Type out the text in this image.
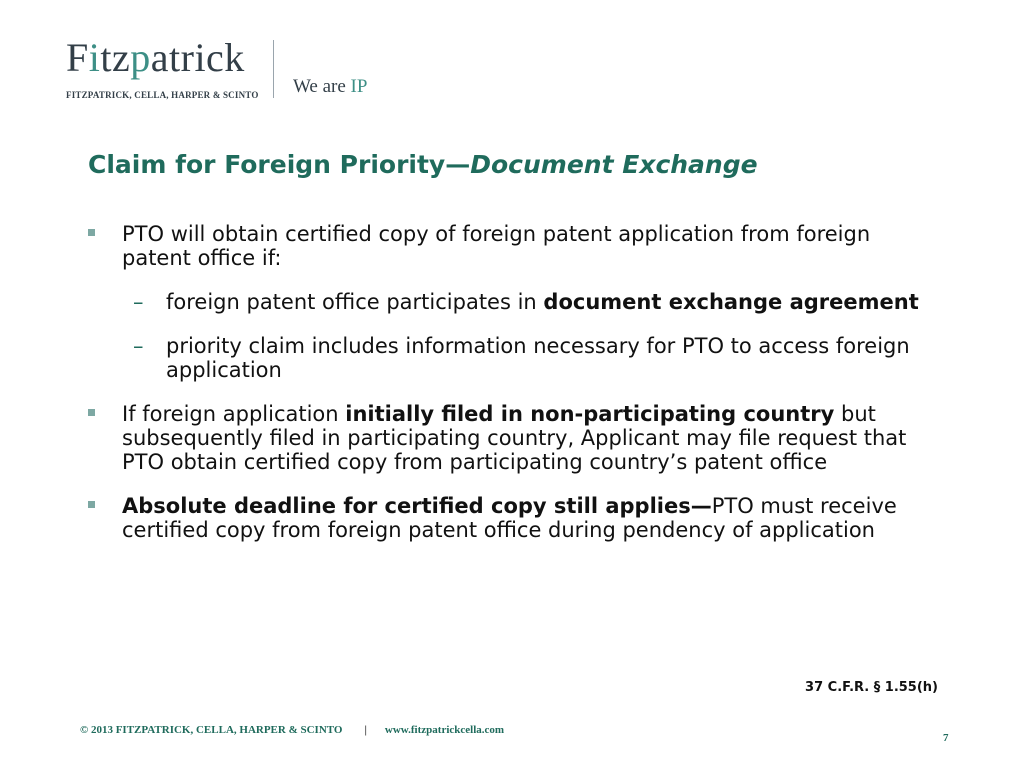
Fitzpatrick
FITZPATRICK, CELLA, HARPER & SCINTO We are IP
Claim for Foreign Priority—Document Exchange
PTO will obtain certified copy of foreign patent application from foreign patent office if:
– foreign patent office participates in document exchange agreement
– priority claim includes information necessary for PTO to access foreign application
If foreign application initially filed in non-participating country but subsequently filed in participating country, Applicant may file request that PTO obtain certified copy from participating country’s patent office
Absolute deadline for certified copy still applies—PTO must receive certified copy from foreign patent office during pendency of application
37 C.F.R. § 1.55(h)
© 2013 FITZPATRICK, CELLA, HARPER & SCINTO | www.fitzpatrickcella.com
7
